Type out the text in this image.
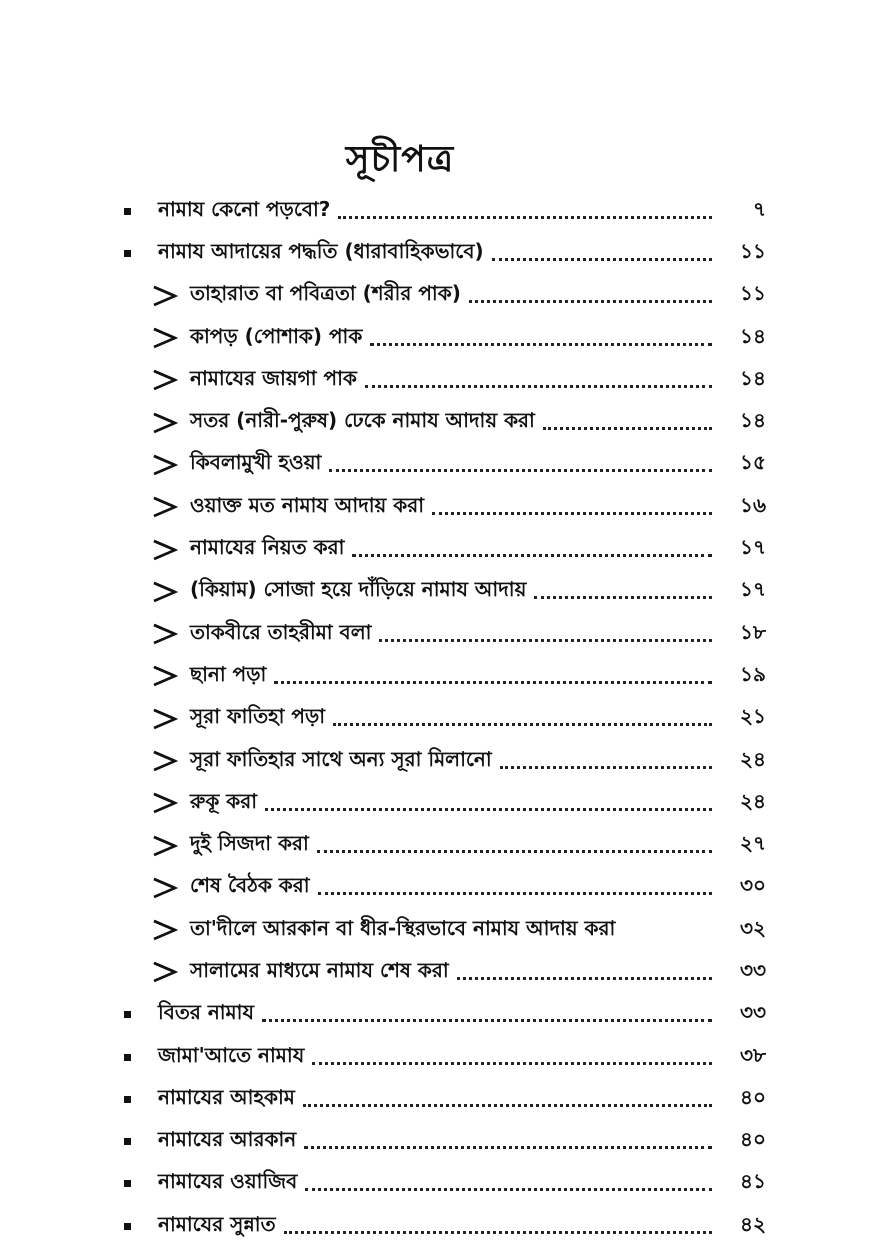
সূচীপত্র
নামায কেনো পড়বো?	৭
নামায আদায়ের পদ্ধতি (ধারাবাহিকভাবে)	১১
তাহারাত বা পবিত্রতা (শরীর পাক)	১১
কাপড় (পোশাক) পাক	১৪
নামাযের জায়গা পাক	১৪
সতর (নারী-পুরুষ) ঢেকে নামায আদায় করা	১৪
কিবলামুখী হওয়া	১৫
ওয়াক্ত মত নামায আদায় করা	১৬
নামাযের নিয়ত করা	১৭
(কিয়াম) সোজা হয়ে দাঁড়িয়ে নামায আদায়	১৭
তাকবীরে তাহরীমা বলা	১৮
ছানা পড়া	১৯
সূরা ফাতিহা পড়া	২১
সূরা ফাতিহার সাথে অন্য সূরা মিলানো	২৪
রুকূ করা	২৪
দুই সিজদা করা	২৭
শেষ বৈঠক করা	৩০
তা'দীলে আরকান বা ধীর-স্থিরভাবে নামায আদায় করা	৩২
সালামের মাধ্যমে নামায শেষ করা	৩৩
বিতর নামায	৩৩
জামা'আতে নামায	৩৮
নামাযের আহকাম	৪০
নামাযের আরকান	৪০
নামাযের ওয়াজিব	৪১
নামাযের সুন্নাত	৪২
